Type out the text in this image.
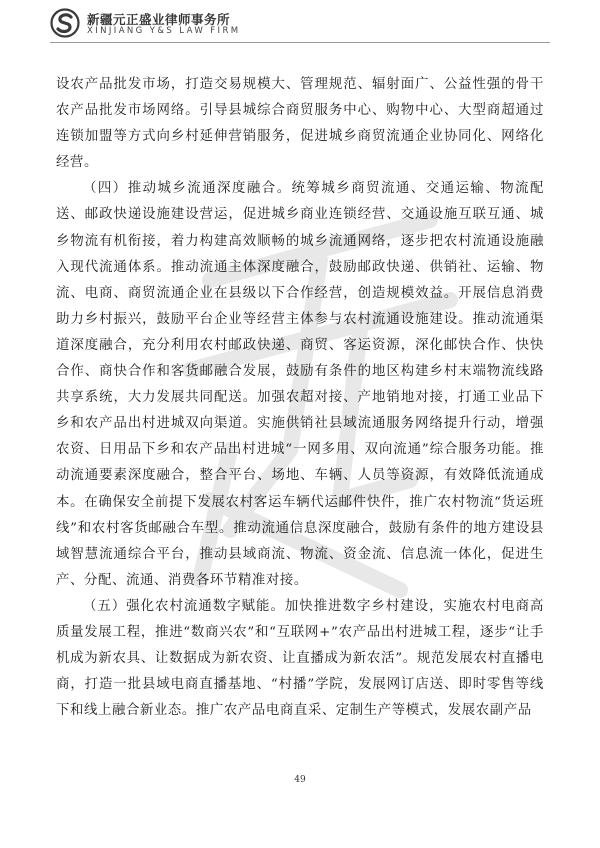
新疆元正盛业律师事务所
XINJIANG Y&S LAW FIRM

设农产品批发市场，打造交易规模大、管理规范、辐射面广、公益性强的骨干农产品批发市场网络。引导县城综合商贸服务中心、购物中心、大型商超通过连锁加盟等方式向乡村延伸营销服务，促进城乡商贸流通企业协同化、网络化经营。

（四）推动城乡流通深度融合。统筹城乡商贸流通、交通运输、物流配送、邮政快递设施建设营运，促进城乡商业连锁经营、交通设施互联互通、城乡物流有机衔接，着力构建高效顺畅的城乡流通网络，逐步把农村流通设施融入现代流通体系。推动流通主体深度融合，鼓励邮政快递、供销社、运输、物流、电商、商贸流通企业在县级以下合作经营，创造规模效益。开展信息消费助力乡村振兴，鼓励平台企业等经营主体参与农村流通设施建设。推动流通渠道深度融合，充分利用农村邮政快递、商贸、客运资源，深化邮快合作、快快合作、商快合作和客货邮融合发展，鼓励有条件的地区构建乡村末端物流线路共享系统，大力发展共同配送。加强农超对接、产地销地对接，打通工业品下乡和农产品出村进城双向渠道。实施供销社县域流通服务网络提升行动，增强农资、日用品下乡和农产品出村进城“一网多用、双向流通”综合服务功能。推动流通要素深度融合，整合平台、场地、车辆、人员等资源，有效降低流通成本。在确保安全前提下发展农村客运车辆代运邮件快件，推广农村物流“货运班线”和农村客货邮融合车型。推动流通信息深度融合，鼓励有条件的地方建设县域智慧流通综合平台，推动县域商流、物流、资金流、信息流一体化，促进生产、分配、流通、消费各环节精准对接。

（五）强化农村流通数字赋能。加快推进数字乡村建设，实施农村电商高质量发展工程，推进“数商兴农”和“互联网+”农产品出村进城工程，逐步“让手机成为新农具、让数据成为新农资、让直播成为新农活”。规范发展农村直播电商，打造一批县域电商直播基地、“村播”学院，发展网订店送、即时零售等线下和线上融合新业态。推广农产品电商直采、定制生产等模式，发展农副产品

49
